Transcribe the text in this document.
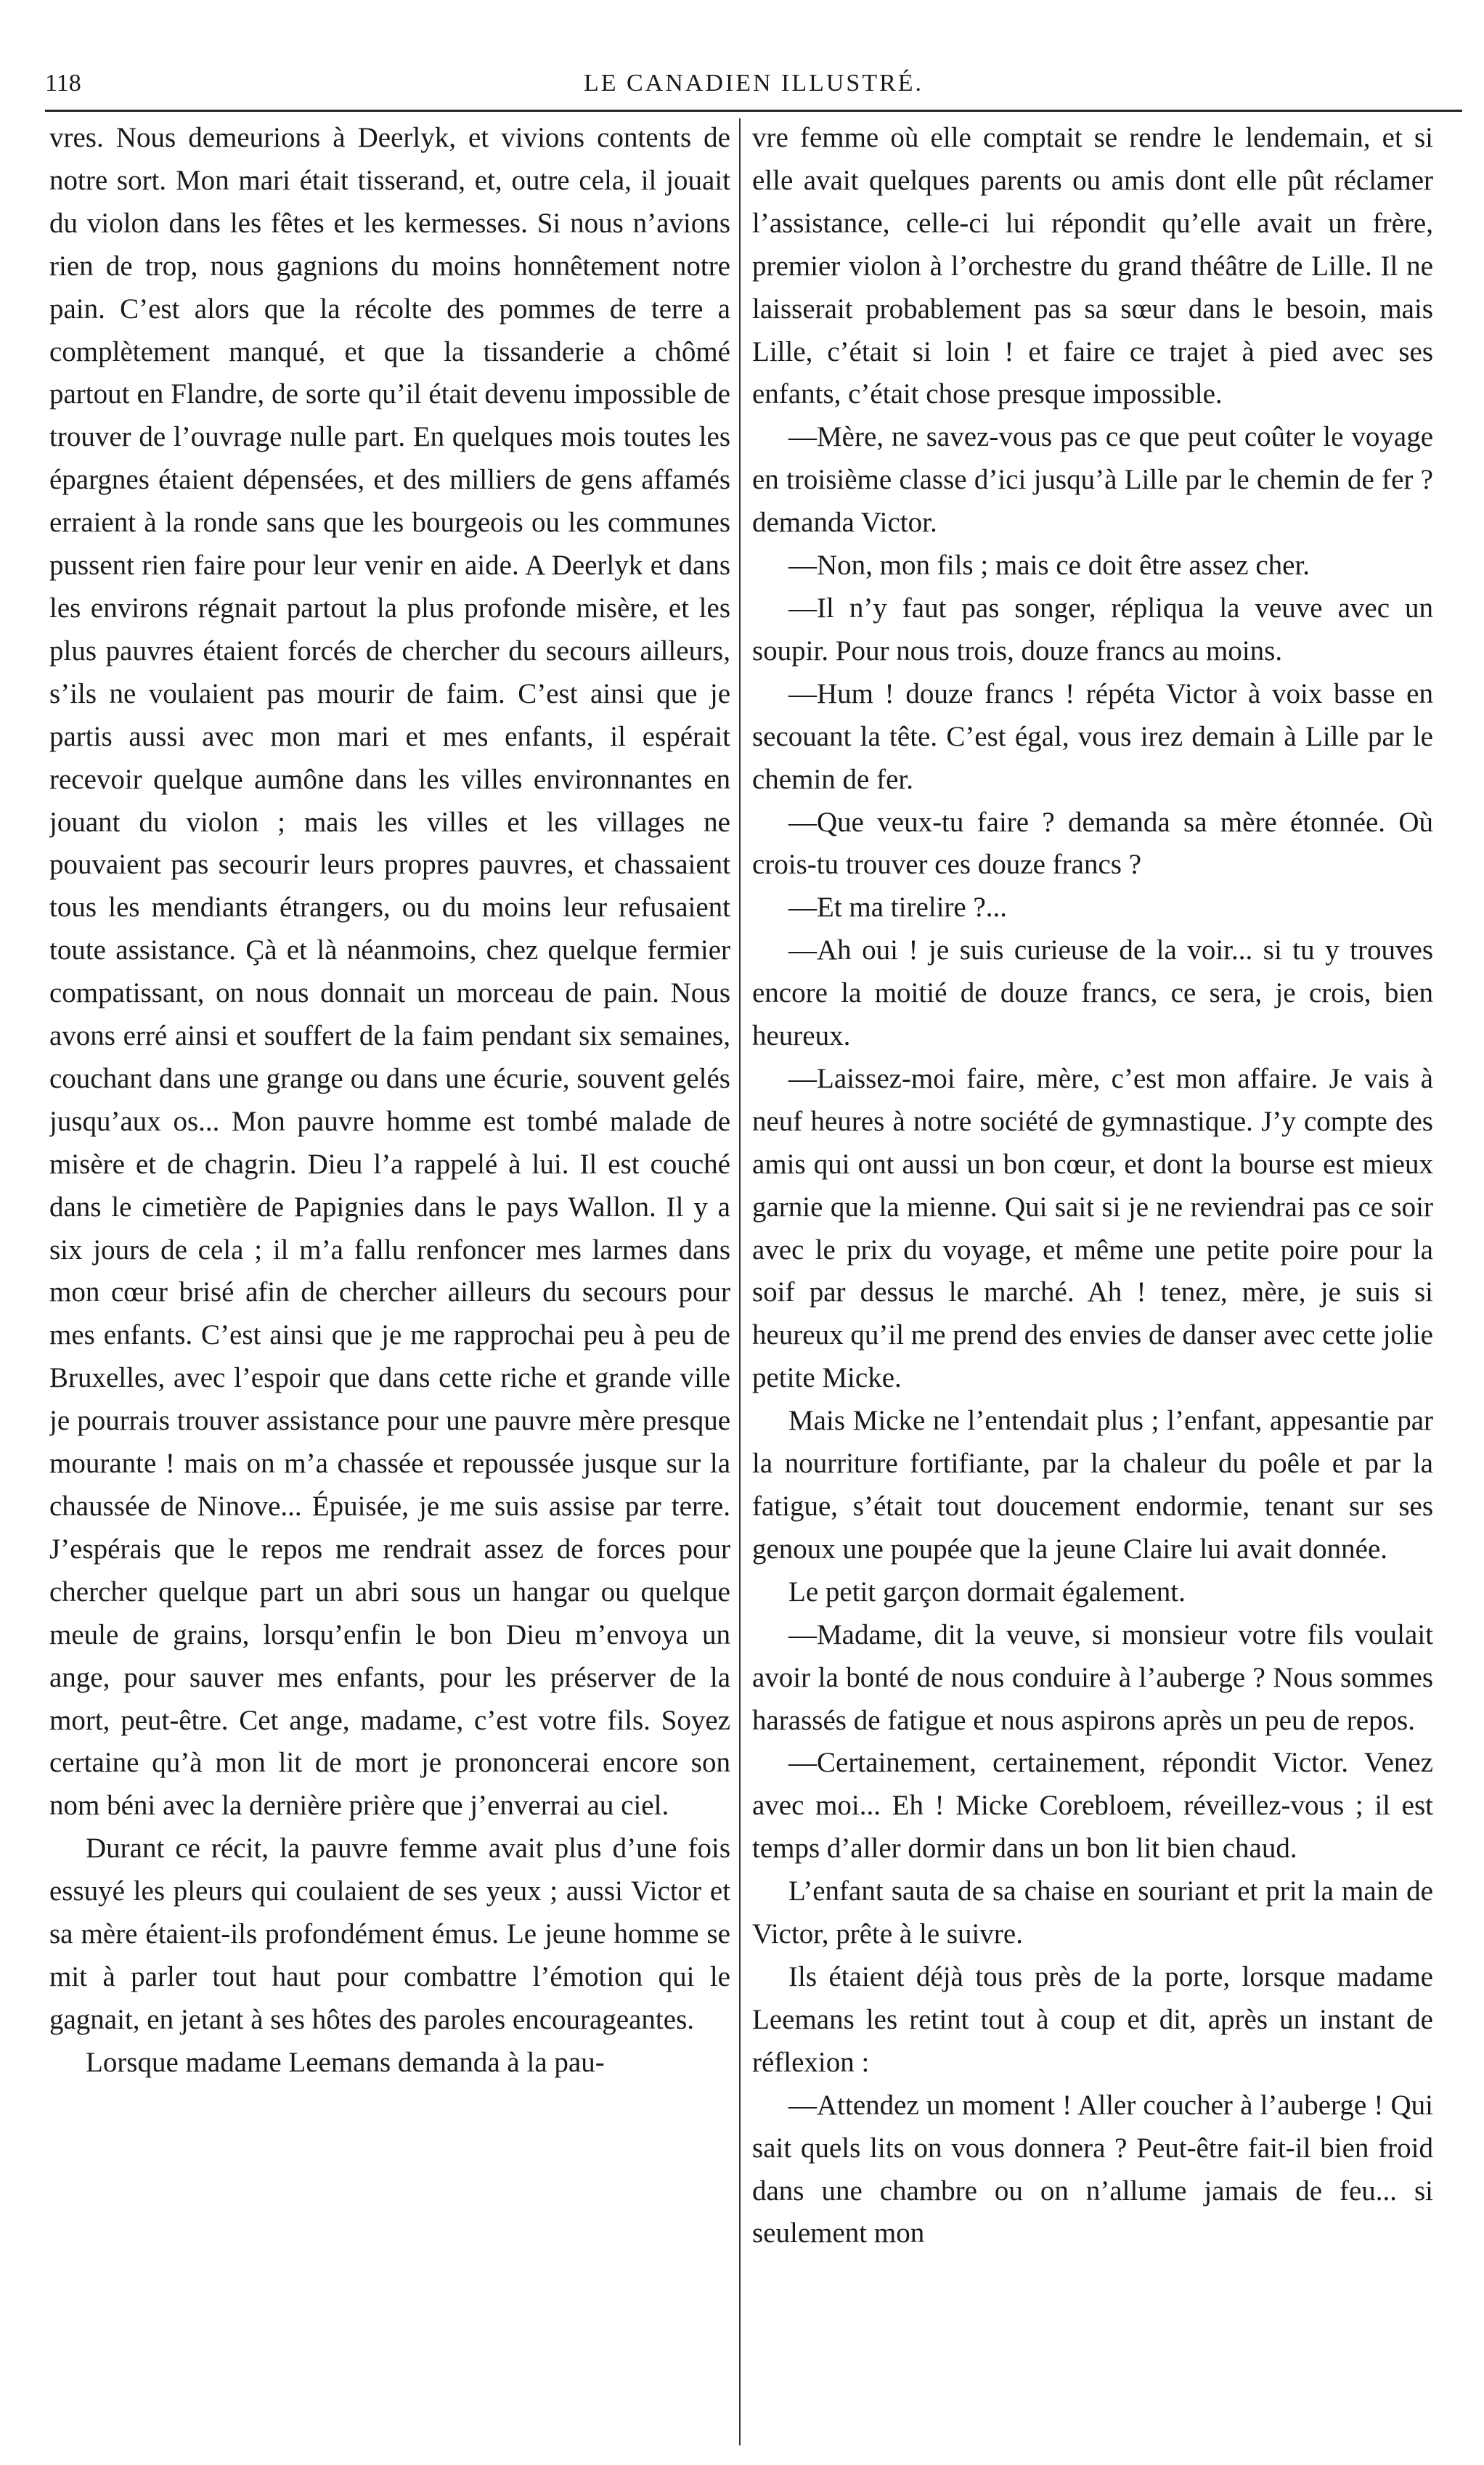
118	LE CANADIEN ILLUSTRÉ.

vres. Nous demeurions à Deerlyk, et vivions contents de notre sort. Mon mari était tisserand, et, outre cela, il jouait du violon dans les fêtes et les kermesses. Si nous n’avions rien de trop, nous gagnions du moins honnêtement notre pain. C’est alors que la récolte des pommes de terre a complètement manqué, et que la tissanderie a chômé partout en Flandre, de sorte qu’il était devenu impossible de trouver de l’ouvrage nulle part. En quelques mois toutes les épargnes étaient dépensées, et des milliers de gens affamés erraient à la ronde sans que les bourgeois ou les communes pussent rien faire pour leur venir en aide. A Deerlyk et dans les environs régnait partout la plus profonde misère, et les plus pauvres étaient forcés de chercher du secours ailleurs, s’ils ne voulaient pas mourir de faim. C’est ainsi que je partis aussi avec mon mari et mes enfants, il espérait recevoir quelque aumône dans les villes environnantes en jouant du violon ; mais les villes et les villages ne pouvaient pas secourir leurs propres pauvres, et chassaient tous les mendiants étrangers, ou du moins leur refusaient toute assistance. Çà et là néanmoins, chez quelque fermier compatissant, on nous donnait un morceau de pain. Nous avons erré ainsi et souffert de la faim pendant six semaines, couchant dans une grange ou dans une écurie, souvent gelés jusqu’aux os... Mon pauvre homme est tombé malade de misère et de chagrin. Dieu l’a rappelé à lui. Il est couché dans le cimetière de Papignies dans le pays Wallon. Il y a six jours de cela ; il m’a fallu renfoncer mes larmes dans mon cœur brisé afin de chercher ailleurs du secours pour mes enfants. C’est ainsi que je me rapprochai peu à peu de Bruxelles, avec l’espoir que dans cette riche et grande ville je pourrais trouver assistance pour une pauvre mère presque mourante ! mais on m’a chassée et repoussée jusque sur la chaussée de Ninove... Épuisée, je me suis assise par terre. J’espérais que le repos me rendrait assez de forces pour chercher quelque part un abri sous un hangar ou quelque meule de grains, lorsqu’enfin le bon Dieu m’envoya un ange, pour sauver mes enfants, pour les préserver de la mort, peut-être. Cet ange, madame, c’est votre fils. Soyez certaine qu’à mon lit de mort je prononcerai encore son nom béni avec la dernière prière que j’enverrai au ciel.

Durant ce récit, la pauvre femme avait plus d’une fois essuyé les pleurs qui coulaient de ses yeux ; aussi Victor et sa mère étaient-ils profondément émus. Le jeune homme se mit à parler tout haut pour combattre l’émotion qui le gagnait, en jetant à ses hôtes des paroles encourageantes.

Lorsque madame Leemans demanda à la pau-

vre femme où elle comptait se rendre le lendemain, et si elle avait quelques parents ou amis dont elle pût réclamer l’assistance, celle-ci lui répondit qu’elle avait un frère, premier violon à l’orchestre du grand théâtre de Lille. Il ne laisserait probablement pas sa sœur dans le besoin, mais Lille, c’était si loin ! et faire ce trajet à pied avec ses enfants, c’était chose presque impossible.

—Mère, ne savez-vous pas ce que peut coûter le voyage en troisième classe d’ici jusqu’à Lille par le chemin de fer ? demanda Victor.

—Non, mon fils ; mais ce doit être assez cher.

—Il n’y faut pas songer, répliqua la veuve avec un soupir. Pour nous trois, douze francs au moins.

—Hum ! douze francs ! répéta Victor à voix basse en secouant la tête. C’est égal, vous irez demain à Lille par le chemin de fer.

—Que veux-tu faire ? demanda sa mère étonnée. Où crois-tu trouver ces douze francs ?

—Et ma tirelire ?...

—Ah oui ! je suis curieuse de la voir... si tu y trouves encore la moitié de douze francs, ce sera, je crois, bien heureux.

—Laissez-moi faire, mère, c’est mon affaire. Je vais à neuf heures à notre société de gymnastique. J’y compte des amis qui ont aussi un bon cœur, et dont la bourse est mieux garnie que la mienne. Qui sait si je ne reviendrai pas ce soir avec le prix du voyage, et même une petite poire pour la soif par dessus le marché. Ah ! tenez, mère, je suis si heureux qu’il me prend des envies de danser avec cette jolie petite Micke.

Mais Micke ne l’entendait plus ; l’enfant, appesantie par la nourriture fortifiante, par la chaleur du poêle et par la fatigue, s’était tout doucement endormie, tenant sur ses genoux une poupée que la jeune Claire lui avait donnée.

Le petit garçon dormait également.

—Madame, dit la veuve, si monsieur votre fils voulait avoir la bonté de nous conduire à l’auberge ? Nous sommes harassés de fatigue et nous aspirons après un peu de repos.

—Certainement, certainement, répondit Victor. Venez avec moi... Eh ! Micke Corebloem, réveillez-vous ; il est temps d’aller dormir dans un bon lit bien chaud.

L’enfant sauta de sa chaise en souriant et prit la main de Victor, prête à le suivre.

Ils étaient déjà tous près de la porte, lorsque madame Leemans les retint tout à coup et dit, après un instant de réflexion :

—Attendez un moment ! Aller coucher à l’auberge ! Qui sait quels lits on vous donnera ? Peut-être fait-il bien froid dans une chambre ou on n’allume jamais de feu... si seulement mon
